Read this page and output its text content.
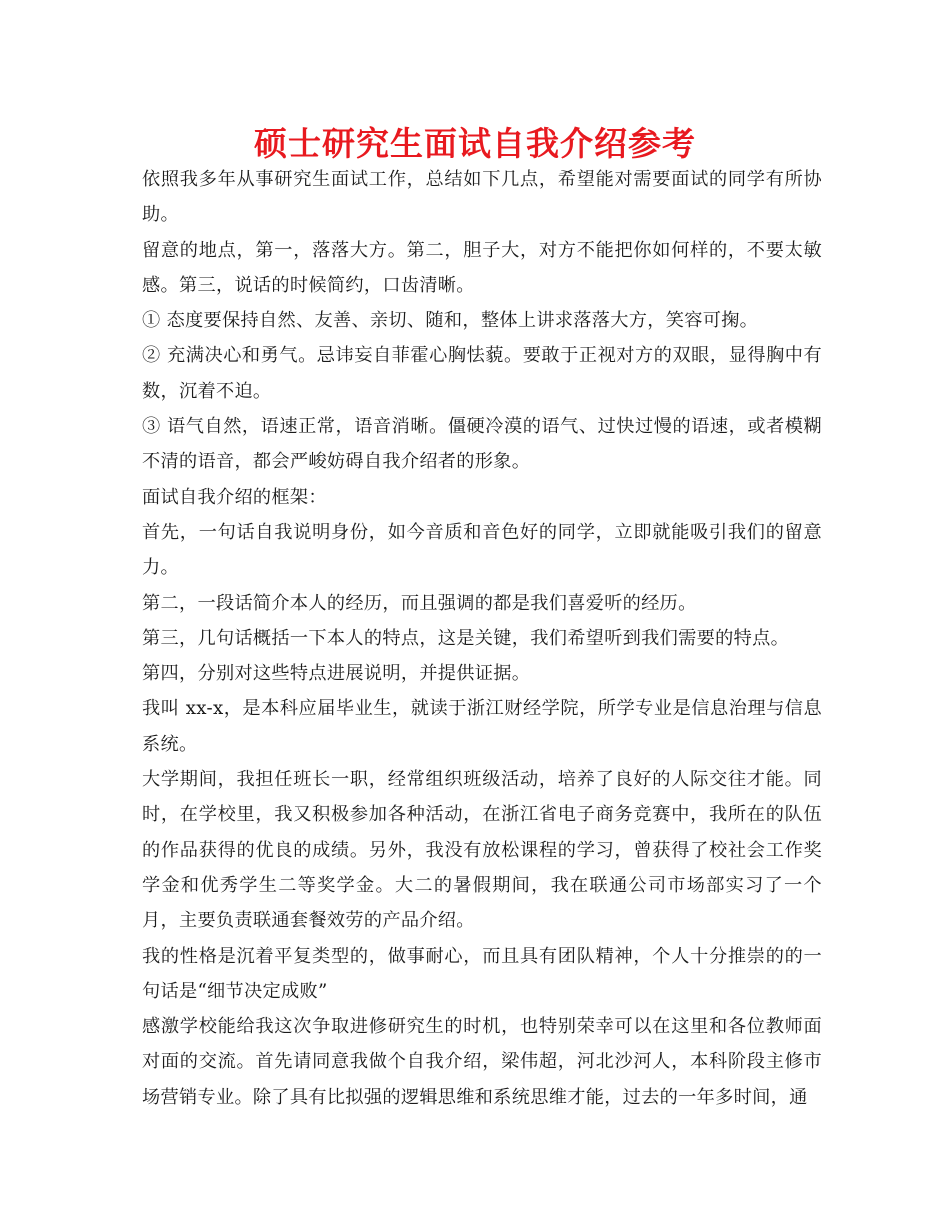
硕士研究生面试自我介绍参考

依照我多年从事研究生面试工作，总结如下几点，希望能对需要面试的同学有所协助。

留意的地点，第一，落落大方。第二，胆子大，对方不能把你如何样的，不要太敏感。第三，说话的时候简约，口齿清晰。

① 态度要保持自然、友善、亲切、随和，整体上讲求落落大方，笑容可掬。

② 充满决心和勇气。忌讳妄自菲霍心胸怯藐。要敢于正视对方的双眼，显得胸中有数，沉着不迫。

③ 语气自然，语速正常，语音消晰。僵硬冷漠的语气、过快过慢的语速，或者模糊不清的语音，都会严峻妨碍自我介绍者的形象。

面试自我介绍的框架：

首先，一句话自我说明身份，如今音质和音色好的同学，立即就能吸引我们的留意力。

第二，一段话简介本人的经历，而且强调的都是我们喜爱听的经历。

第三，几句话概括一下本人的特点，这是关键，我们希望听到我们需要的特点。

第四，分别对这些特点进展说明，并提供证据。

我叫 xx-x，是本科应届毕业生，就读于浙江财经学院，所学专业是信息治理与信息系统。

大学期间，我担任班长一职，经常组织班级活动，培养了良好的人际交往才能。同时，在学校里，我又积极参加各种活动，在浙江省电子商务竞赛中，我所在的队伍的作品获得的优良的成绩。另外，我没有放松课程的学习，曾获得了校社会工作奖学金和优秀学生二等奖学金。大二的暑假期间，我在联通公司市场部实习了一个月，主要负责联通套餐效劳的产品介绍。

我的性格是沉着平复类型的，做事耐心，而且具有团队精神，个人十分推崇的的一句话是“细节决定成败”

感激学校能给我这次争取进修研究生的时机，也特别荣幸可以在这里和各位教师面对面的交流。首先请同意我做个自我介绍，梁伟超，河北沙河人，本科阶段主修市场营销专业。除了具有比拟强的逻辑思维和系统思维才能，过去的一年多时间，通
